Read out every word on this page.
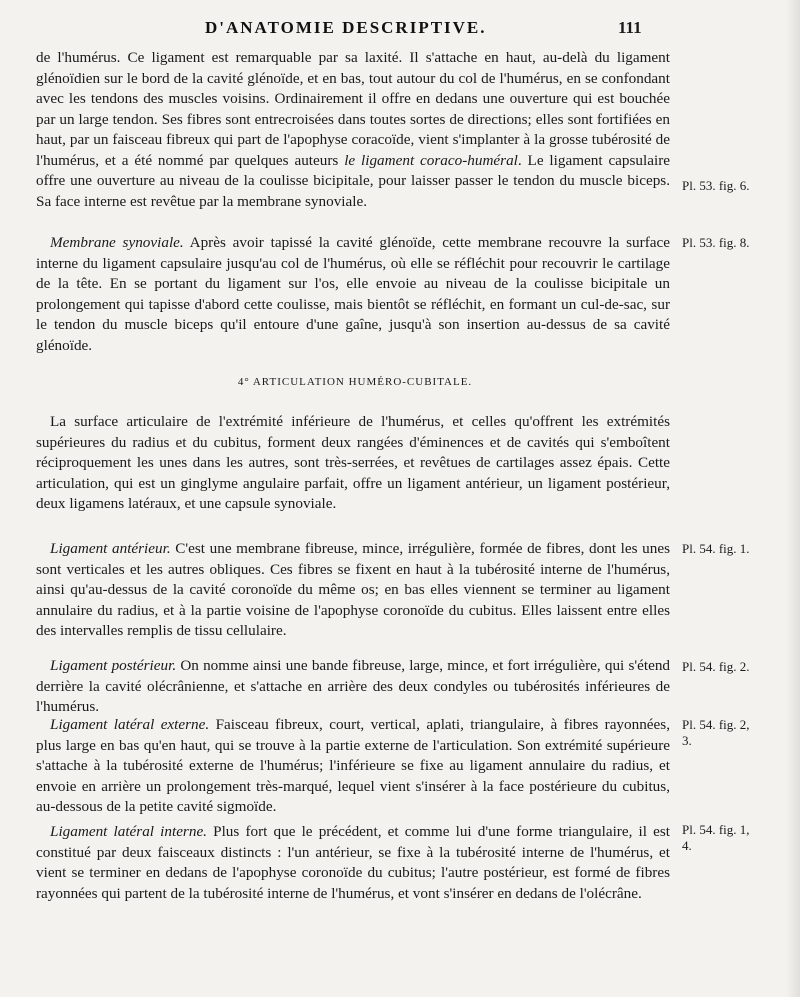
D'ANATOMIE DESCRIPTIVE.	111

de l'humérus. Ce ligament est remarquable par sa laxité. Il s'attache en haut, au-delà du ligament glénoïdien sur le bord de la cavité glénoïde, et en bas, tout autour du col de l'humérus, en se confondant avec les tendons des muscles voisins. Ordinairement il offre en dedans une ouverture qui est bouchée par un large tendon. Ses fibres sont entrecroisées dans toutes sortes de directions; elles sont fortifiées en haut, par un faisceau fibreux qui part de l'apophyse coracoïde, vient s'implanter à la grosse tubérosité de l'humérus, et a été nommé par quelques auteurs le ligament coraco-huméral. Le ligament capsulaire offre une ouverture au niveau de la coulisse bicipitale, pour laisser passer le tendon du muscle biceps. Sa face interne est revêtue par la membrane synoviale.

Membrane synoviale. Après avoir tapissé la cavité glénoïde, cette membrane recouvre la surface interne du ligament capsulaire jusqu'au col de l'humérus, où elle se réfléchit pour recouvrir le cartilage de la tête. En se portant du ligament sur l'os, elle envoie au niveau de la coulisse bicipitale un prolongement qui tapisse d'abord cette coulisse, mais bientôt se réfléchit, en formant un cul-de-sac, sur le tendon du muscle biceps qu'il entoure d'une gaîne, jusqu'à son insertion au-dessus de sa cavité glénoïde.

4° ARTICULATION HUMÉRO-CUBITALE.

La surface articulaire de l'extrémité inférieure de l'humérus, et celles qu'offrent les extrémités supérieures du radius et du cubitus, forment deux rangées d'éminences et de cavités qui s'emboîtent réciproquement les unes dans les autres, sont très-serrées, et revêtues de cartilages assez épais. Cette articulation, qui est un ginglyme angulaire parfait, offre un ligament antérieur, un ligament postérieur, deux ligamens latéraux, et une capsule synoviale.

Ligament antérieur. C'est une membrane fibreuse, mince, irrégulière, formée de fibres, dont les unes sont verticales et les autres obliques. Ces fibres se fixent en haut à la tubérosité interne de l'humérus, ainsi qu'au-dessus de la cavité coronoïde du même os; en bas elles viennent se terminer au ligament annulaire du radius, et à la partie voisine de l'apophyse coronoïde du cubitus. Elles laissent entre elles des intervalles remplis de tissu cellulaire.

Ligament postérieur. On nomme ainsi une bande fibreuse, large, mince, et fort irrégulière, qui s'étend derrière la cavité olécrânienne, et s'attache en arrière des deux condyles ou tubérosités inférieures de l'humérus.

Ligament latéral externe. Faisceau fibreux, court, vertical, aplati, triangulaire, à fibres rayonnées, plus large en bas qu'en haut, qui se trouve à la partie externe de l'articulation. Son extrémité supérieure s'attache à la tubérosité externe de l'humérus; l'inférieure se fixe au ligament annulaire du radius, et envoie en arrière un prolongement très-marqué, lequel vient s'insérer à la face postérieure du cubitus, au-dessous de la petite cavité sigmoïde.

Ligament latéral interne. Plus fort que le précédent, et comme lui d'une forme triangulaire, il est constitué par deux faisceaux distincts : l'un antérieur, se fixe à la tubérosité interne de l'humérus, et vient se terminer en dedans de l'apophyse coronoïde du cubitus; l'autre postérieur, est formé de fibres rayonnées qui partent de la tubérosité interne de l'humérus, et vont s'insérer en dedans de l'olécrâne.

Pl. 53. fig. 6.
Pl. 53. fig. 8.
Pl. 54. fig. 1.
Pl. 54. fig. 2.
Pl. 54. fig. 2,
3.
Pl. 54. fig. 1,
4.
